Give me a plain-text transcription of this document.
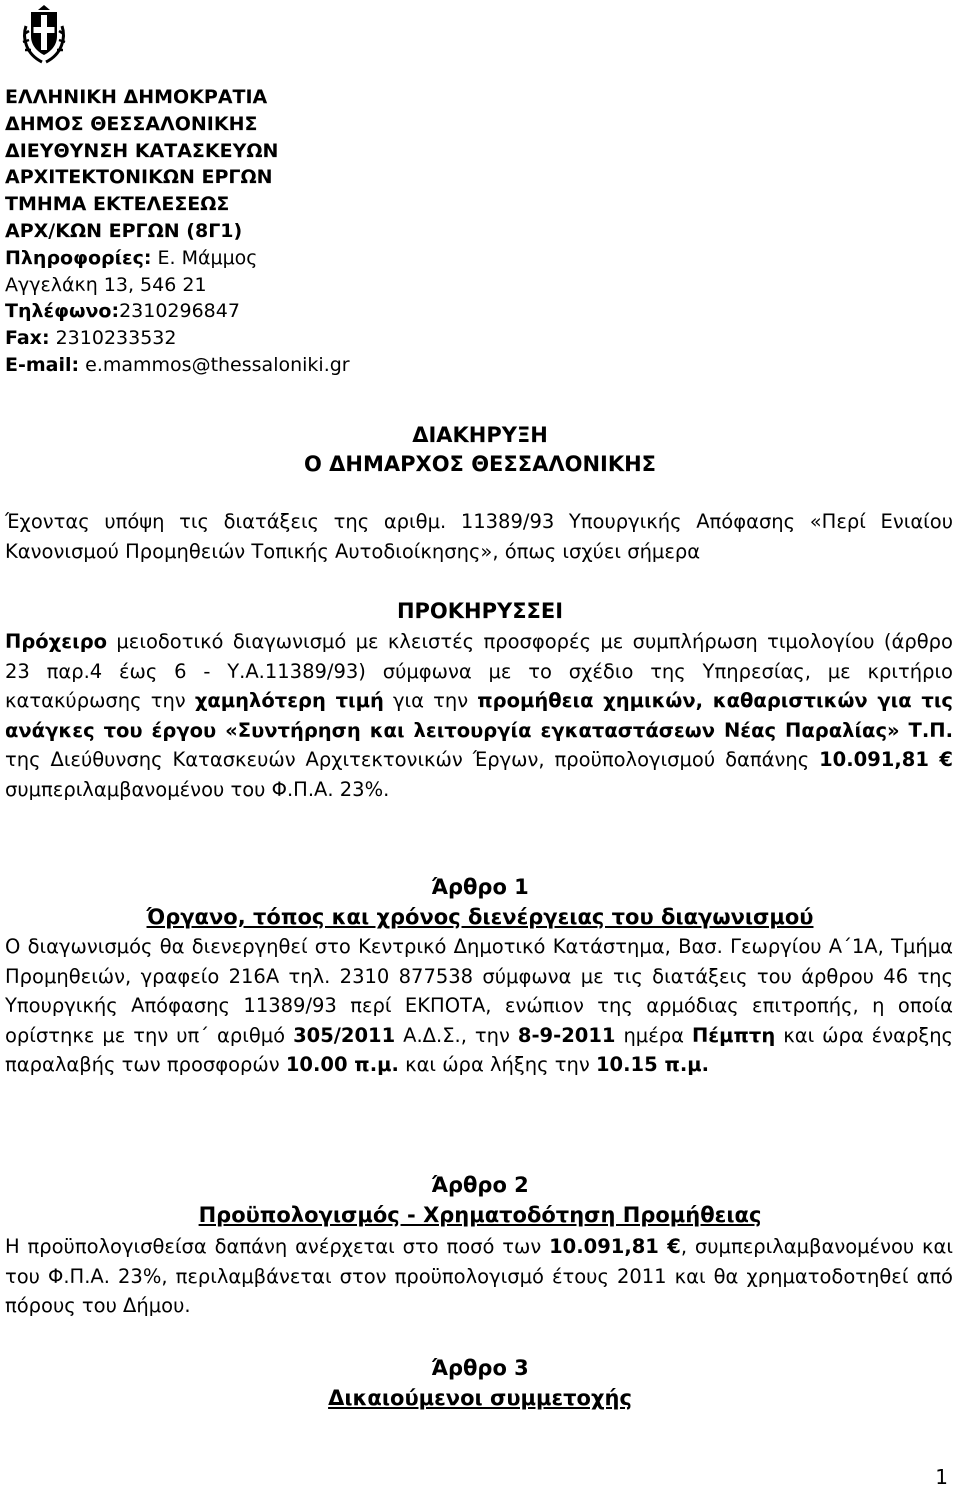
ΕΛΛΗΝΙΚΗ ΔΗΜΟΚΡΑΤΙΑ
ΔΗΜΟΣ ΘΕΣΣΑΛΟΝΙΚΗΣ
ΔΙΕΥΘΥΝΣΗ ΚΑΤΑΣΚΕΥΩΝ
ΑΡΧΙΤΕΚΤΟΝΙΚΩΝ ΕΡΓΩΝ
ΤΜΗΜΑ ΕΚΤΕΛΕΣΕΩΣ
ΑΡΧ/ΚΩΝ ΕΡΓΩΝ (8Γ1)
Πληροφορίες: Ε. Μάμμος
Αγγελάκη 13, 546 21
Τηλέφωνο:2310296847
Fax: 2310233532
E-mail: e.mammos@thessaloniki.gr
ΔΙΑΚΗΡΥΞΗ
Ο ΔΗΜΑΡΧΟΣ ΘΕΣΣΑΛΟΝΙΚΗΣ

Έχοντας υπόψη τις διατάξεις της αριθμ. 11389/93 Υπουργικής Απόφασης «Περί Ενιαίου Κανονισμού Προμηθειών Τοπικής Αυτοδιοίκησης», όπως ισχύει σήμερα

ΠΡΟΚΗΡΥΣΣΕΙ

Πρόχειρο μειοδοτικό διαγωνισμό με κλειστές προσφορές με συμπλήρωση τιμολογίου (άρθρο 23 παρ.4 έως 6 - Υ.Α.11389/93) σύμφωνα με το σχέδιο της Υπηρεσίας, με κριτήριο κατακύρωσης την χαμηλότερη τιμή για την προμήθεια χημικών, καθαριστικών για τις ανάγκες του έργου «Συντήρηση και λειτουργία εγκαταστάσεων Νέας Παραλίας» Τ.Π. της Διεύθυνσης Κατασκευών Αρχιτεκτονικών Έργων, προϋπολογισμού δαπάνης 10.091,81 € συμπεριλαμβανομένου του Φ.Π.Α. 23%.

Άρθρο 1
Όργανο, τόπος και χρόνος διενέργειας του διαγωνισμού

Ο διαγωνισμός θα διενεργηθεί στο Κεντρικό Δημοτικό Κατάστημα, Βασ. Γεωργίου Α΄1Α, Τμήμα Προμηθειών, γραφείο 216Α τηλ. 2310 877538 σύμφωνα με τις διατάξεις του άρθρου 46 της Υπουργικής Απόφασης 11389/93 περί ΕΚΠΟΤΑ, ενώπιον της αρμόδιας επιτροπής, η οποία ορίστηκε με την υπ΄ αριθμό 305/2011 Α.Δ.Σ., την 8-9-2011 ημέρα Πέμπτη και ώρα έναρξης παραλαβής των προσφορών 10.00 π.μ. και ώρα λήξης την 10.15 π.μ.

Άρθρο 2
Προϋπολογισμός - Χρηματοδότηση Προμήθειας

Η προϋπολογισθείσα δαπάνη ανέρχεται στο ποσό των 10.091,81 €, συμπεριλαμβανομένου και του Φ.Π.Α. 23%, περιλαμβάνεται στον προϋπολογισμό έτους 2011 και θα χρηματοδοτηθεί από πόρους του Δήμου.

Άρθρο 3
Δικαιούμενοι συμμετοχής
1
